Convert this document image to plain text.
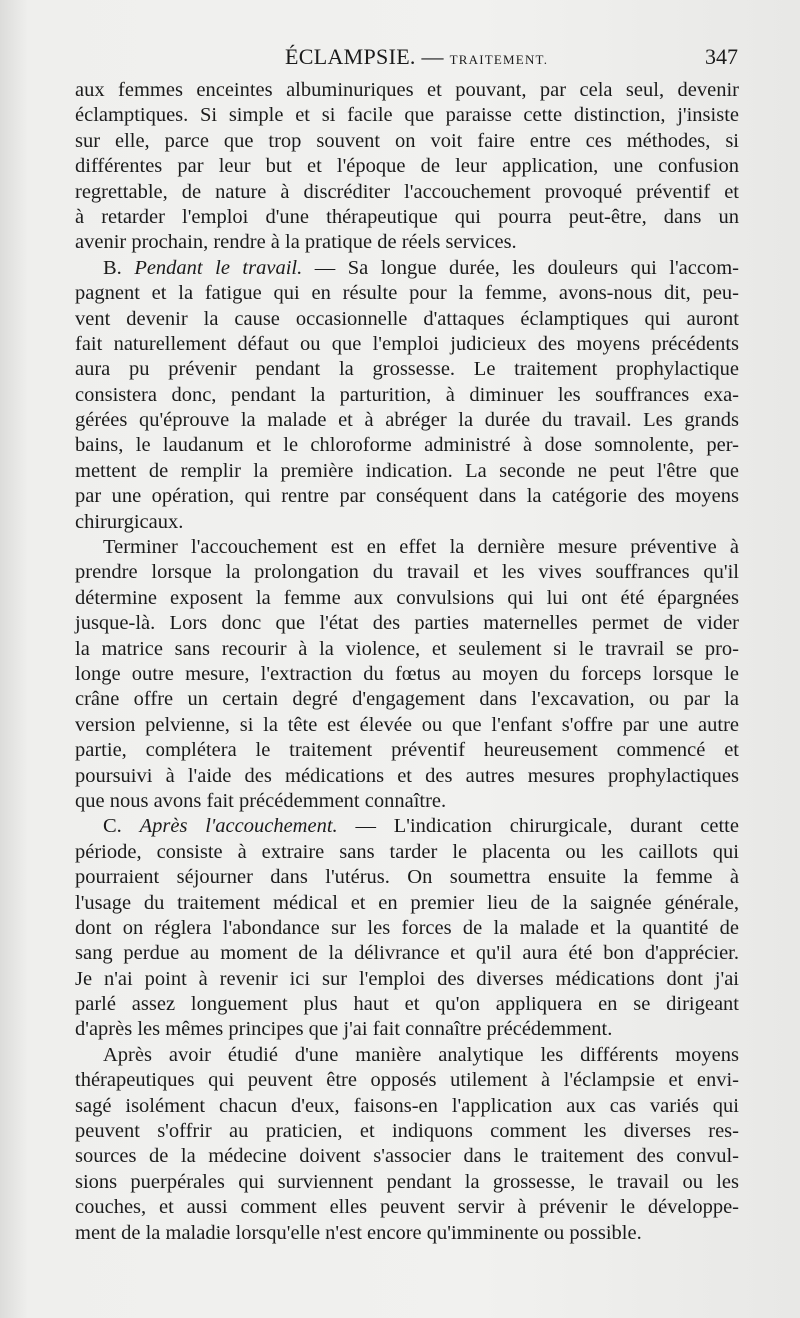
ÉCLAMPSIE. — TRAITEMENT.	347

aux femmes enceintes albuminuriques et pouvant, par cela seul, devenir
éclamptiques. Si simple et si facile que paraisse cette distinction, j'insiste
sur elle, parce que trop souvent on voit faire entre ces méthodes, si
différentes par leur but et l'époque de leur application, une confusion
regrettable, de nature à discréditer l'accouchement provoqué préventif et
à retarder l'emploi d'une thérapeutique qui pourra peut-être, dans un
avenir prochain, rendre à la pratique de réels services.

B. Pendant le travail. — Sa longue durée, les douleurs qui l'accom-
pagnent et la fatigue qui en résulte pour la femme, avons-nous dit, peu-
vent devenir la cause occasionnelle d'attaques éclamptiques qui auront
fait naturellement défaut ou que l'emploi judicieux des moyens précédents
aura pu prévenir pendant la grossesse. Le traitement prophylactique
consistera donc, pendant la parturition, à diminuer les souffrances exa-
gérées qu'éprouve la malade et à abréger la durée du travail. Les grands
bains, le laudanum et le chloroforme administré à dose somnolente, per-
mettent de remplir la première indication. La seconde ne peut l'être que
par une opération, qui rentre par conséquent dans la catégorie des moyens
chirurgicaux.

Terminer l'accouchement est en effet la dernière mesure préventive à
prendre lorsque la prolongation du travail et les vives souffrances qu'il
détermine exposent la femme aux convulsions qui lui ont été épargnées
jusque-là. Lors donc que l'état des parties maternelles permet de vider
la matrice sans recourir à la violence, et seulement si le travrail se pro-
longe outre mesure, l'extraction du fœtus au moyen du forceps lorsque le
crâne offre un certain degré d'engagement dans l'excavation, ou par la
version pelvienne, si la tête est élevée ou que l'enfant s'offre par une autre
partie, complétera le traitement préventif heureusement commencé et
poursuivi à l'aide des médications et des autres mesures prophylactiques
que nous avons fait précédemment connaître.

C. Après l'accouchement. — L'indication chirurgicale, durant cette
période, consiste à extraire sans tarder le placenta ou les caillots qui
pourraient séjourner dans l'utérus. On soumettra ensuite la femme à
l'usage du traitement médical et en premier lieu de la saignée générale,
dont on réglera l'abondance sur les forces de la malade et la quantité de
sang perdue au moment de la délivrance et qu'il aura été bon d'apprécier.
Je n'ai point à revenir ici sur l'emploi des diverses médications dont j'ai
parlé assez longuement plus haut et qu'on appliquera en se dirigeant
d'après les mêmes principes que j'ai fait connaître précédemment.

Après avoir étudié d'une manière analytique les différents moyens
thérapeutiques qui peuvent être opposés utilement à l'éclampsie et envi-
sagé isolément chacun d'eux, faisons-en l'application aux cas variés qui
peuvent s'offrir au praticien, et indiquons comment les diverses res-
sources de la médecine doivent s'associer dans le traitement des convul-
sions puerpérales qui surviennent pendant la grossesse, le travail ou les
couches, et aussi comment elles peuvent servir à prévenir le développe-
ment de la maladie lorsqu'elle n'est encore qu'imminente ou possible.
